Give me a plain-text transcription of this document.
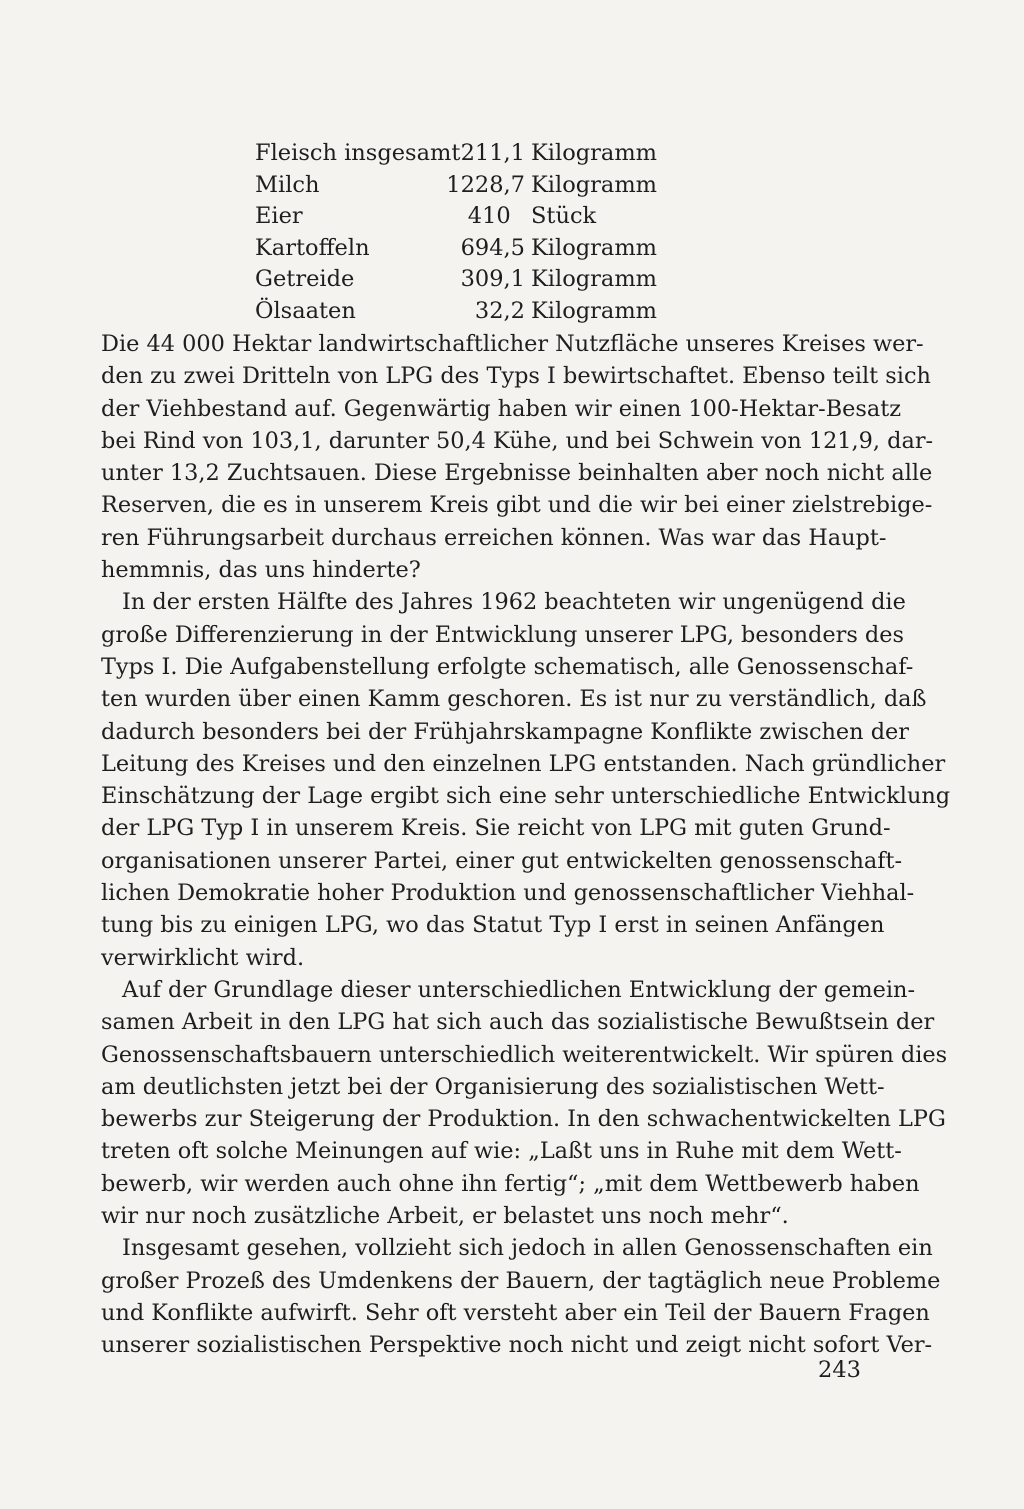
Fleisch insgesamt 211,1 Kilogramm
Milch	1228,7 Kilogramm
Eier	410 Stück
Kartoffeln	694,5 Kilogramm
Getreide	309,1 Kilogramm
Ölsaaten	32,2 Kilogramm
Die 44 000 Hektar landwirtschaftlicher Nutzfläche unseres Kreises wer-
den zu zwei Dritteln von LPG des Typs I bewirtschaftet. Ebenso teilt sich
der Viehbestand auf. Gegenwärtig haben wir einen 100-Hektar-Besatz
bei Rind von 103,1, darunter 50,4 Kühe, und bei Schwein von 121,9, dar-
unter 13,2 Zuchtsauen. Diese Ergebnisse beinhalten aber noch nicht alle
Reserven, die es in unserem Kreis gibt und die wir bei einer zielstrebige-
ren Führungsarbeit durchaus erreichen können. Was war das Haupt-
hemmnis, das uns hinderte?
In der ersten Hälfte des Jahres 1962 beachteten wir ungenügend die
große Differenzierung in der Entwicklung unserer LPG, besonders des
Typs I. Die Aufgabenstellung erfolgte schematisch, alle Genossenschaf-
ten wurden über einen Kamm geschoren. Es ist nur zu verständlich, daß
dadurch besonders bei der Frühjahrskampagne Konflikte zwischen der
Leitung des Kreises und den einzelnen LPG entstanden. Nach gründlicher
Einschätzung der Lage ergibt sich eine sehr unterschiedliche Entwicklung
der LPG Typ I in unserem Kreis. Sie reicht von LPG mit guten Grund-
organisationen unserer Partei, einer gut entwickelten genossenschaft-
lichen Demokratie hoher Produktion und genossenschaftlicher Viehhal-
tung bis zu einigen LPG, wo das Statut Typ I erst in seinen Anfängen
verwirklicht wird.
Auf der Grundlage dieser unterschiedlichen Entwicklung der gemein-
samen Arbeit in den LPG hat sich auch das sozialistische Bewußtsein der
Genossenschaftsbauern unterschiedlich weiterentwickelt. Wir spüren dies
am deutlichsten jetzt bei der Organisierung des sozialistischen Wett-
bewerbs zur Steigerung der Produktion. In den schwachentwickelten LPG
treten oft solche Meinungen auf wie: „Laßt uns in Ruhe mit dem Wett-
bewerb, wir werden auch ohne ihn fertig“; „mit dem Wettbewerb haben
wir nur noch zusätzliche Arbeit, er belastet uns noch mehr“.
Insgesamt gesehen, vollzieht sich jedoch in allen Genossenschaften ein
großer Prozeß des Umdenkens der Bauern, der tagtäglich neue Probleme
und Konflikte aufwirft. Sehr oft versteht aber ein Teil der Bauern Fragen
unserer sozialistischen Perspektive noch nicht und zeigt nicht sofort Ver-
243
